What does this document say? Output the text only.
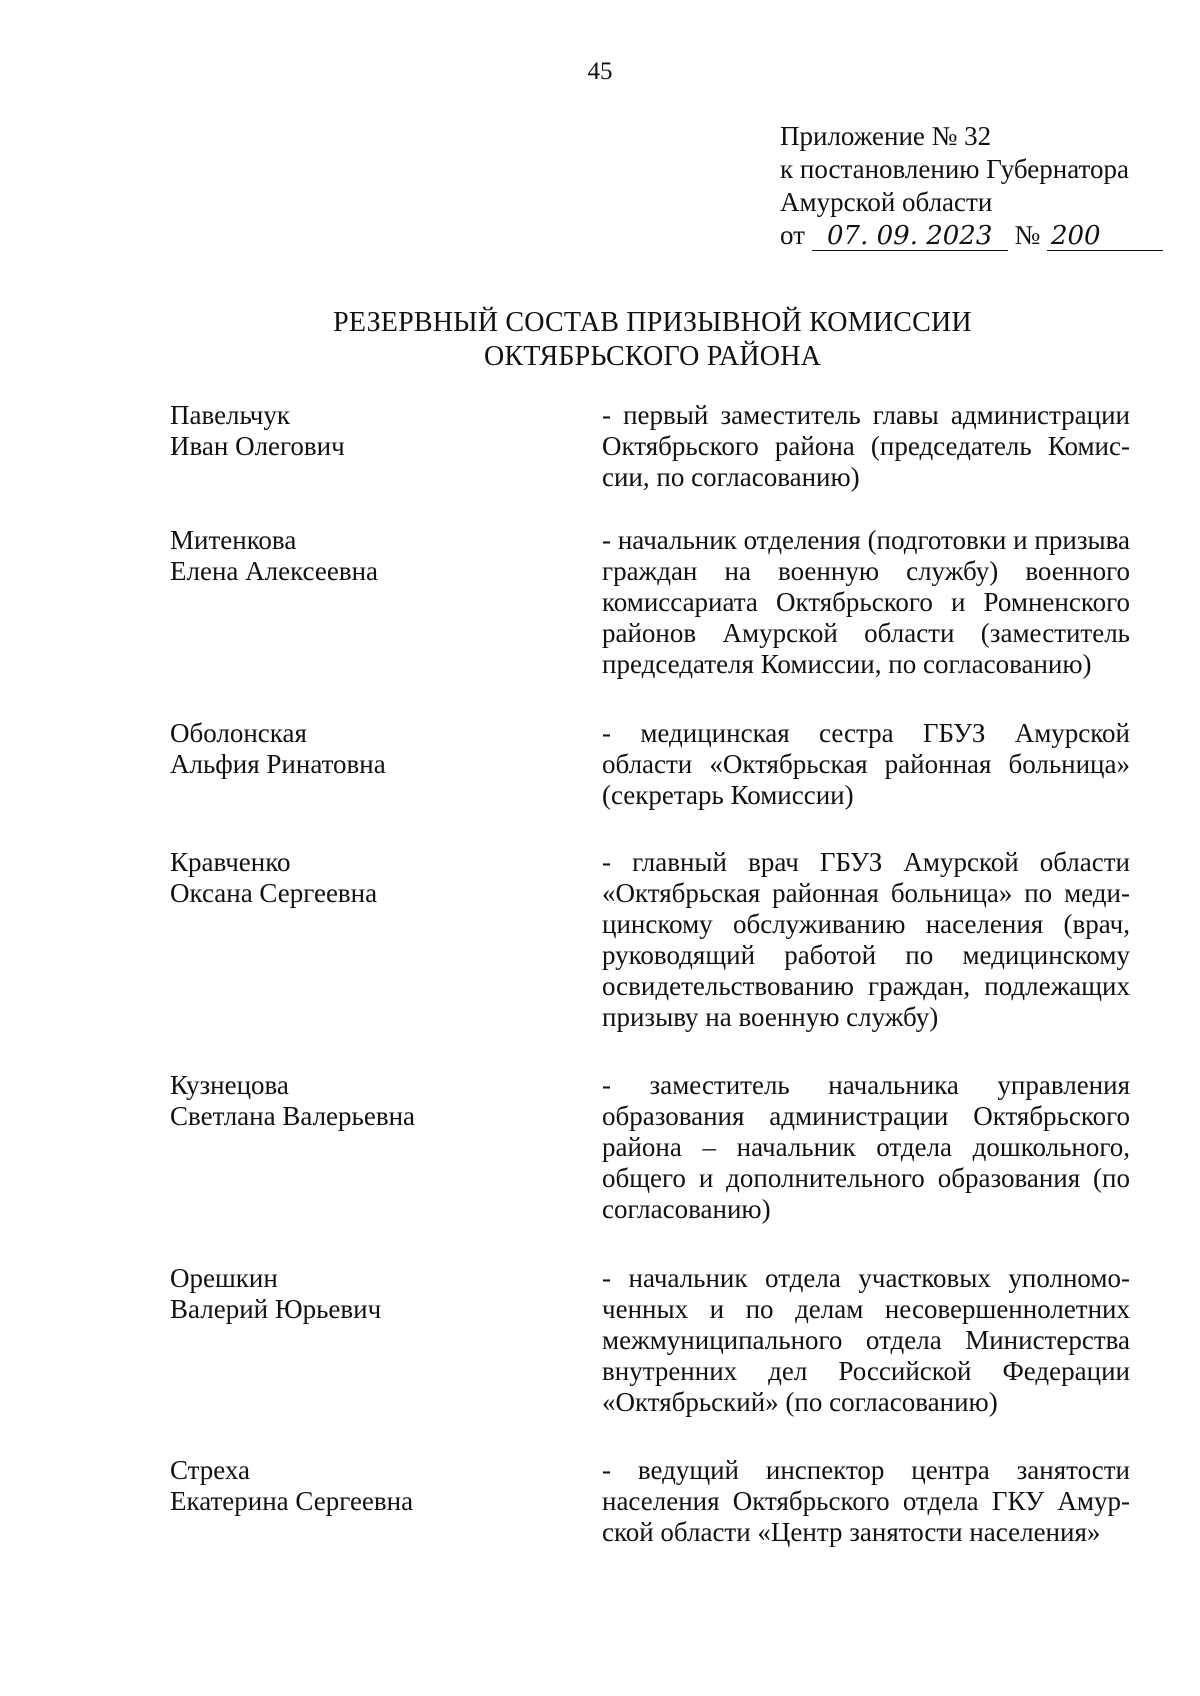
45
Приложение № 32
к постановлению Губернатора
Амурской области
от 07. 09. 2023 № 200
РЕЗЕРВНЫЙ СОСТАВ ПРИЗЫВНОЙ КОМИССИИ
ОКТЯБРЬСКОГО РАЙОНА
Павельчук
Иван Олегович
- первый заместитель главы администрации Октябрьского района (председатель Комиссии, по согласованию)
Митенкова
Елена Алексеевна
- начальник отделения (подготовки и призыва граждан на военную службу) военного комиссариата Октябрьского и Ромненского районов Амурской области (заместитель председателя Комиссии, по согласованию)
Оболонская
Альфия Ринатовна
- медицинская сестра ГБУЗ Амурской области «Октябрьская районная больница» (секретарь Комиссии)
Кравченко
Оксана Сергеевна
- главный врач ГБУЗ Амурской области «Октябрьская районная больница» по медицинскому обслуживанию населения (врач, руководящий работой по медицинскому освидетельствованию граждан, подлежащих призыву на военную службу)
Кузнецова
Светлана Валерьевна
- заместитель начальника управления образования администрации Октябрьского района – начальник отдела дошкольного, общего и дополнительного образования (по согласованию)
Орешкин
Валерий Юрьевич
- начальник отдела участковых уполномоченных и по делам несовершеннолетних межмуниципального отдела Министерства внутренних дел Российской Федерации «Октябрьский» (по согласованию)
Стреха
Екатерина Сергеевна
- ведущий инспектор центра занятости населения Октябрьского отдела ГКУ Амурской области «Центр занятости населения»
